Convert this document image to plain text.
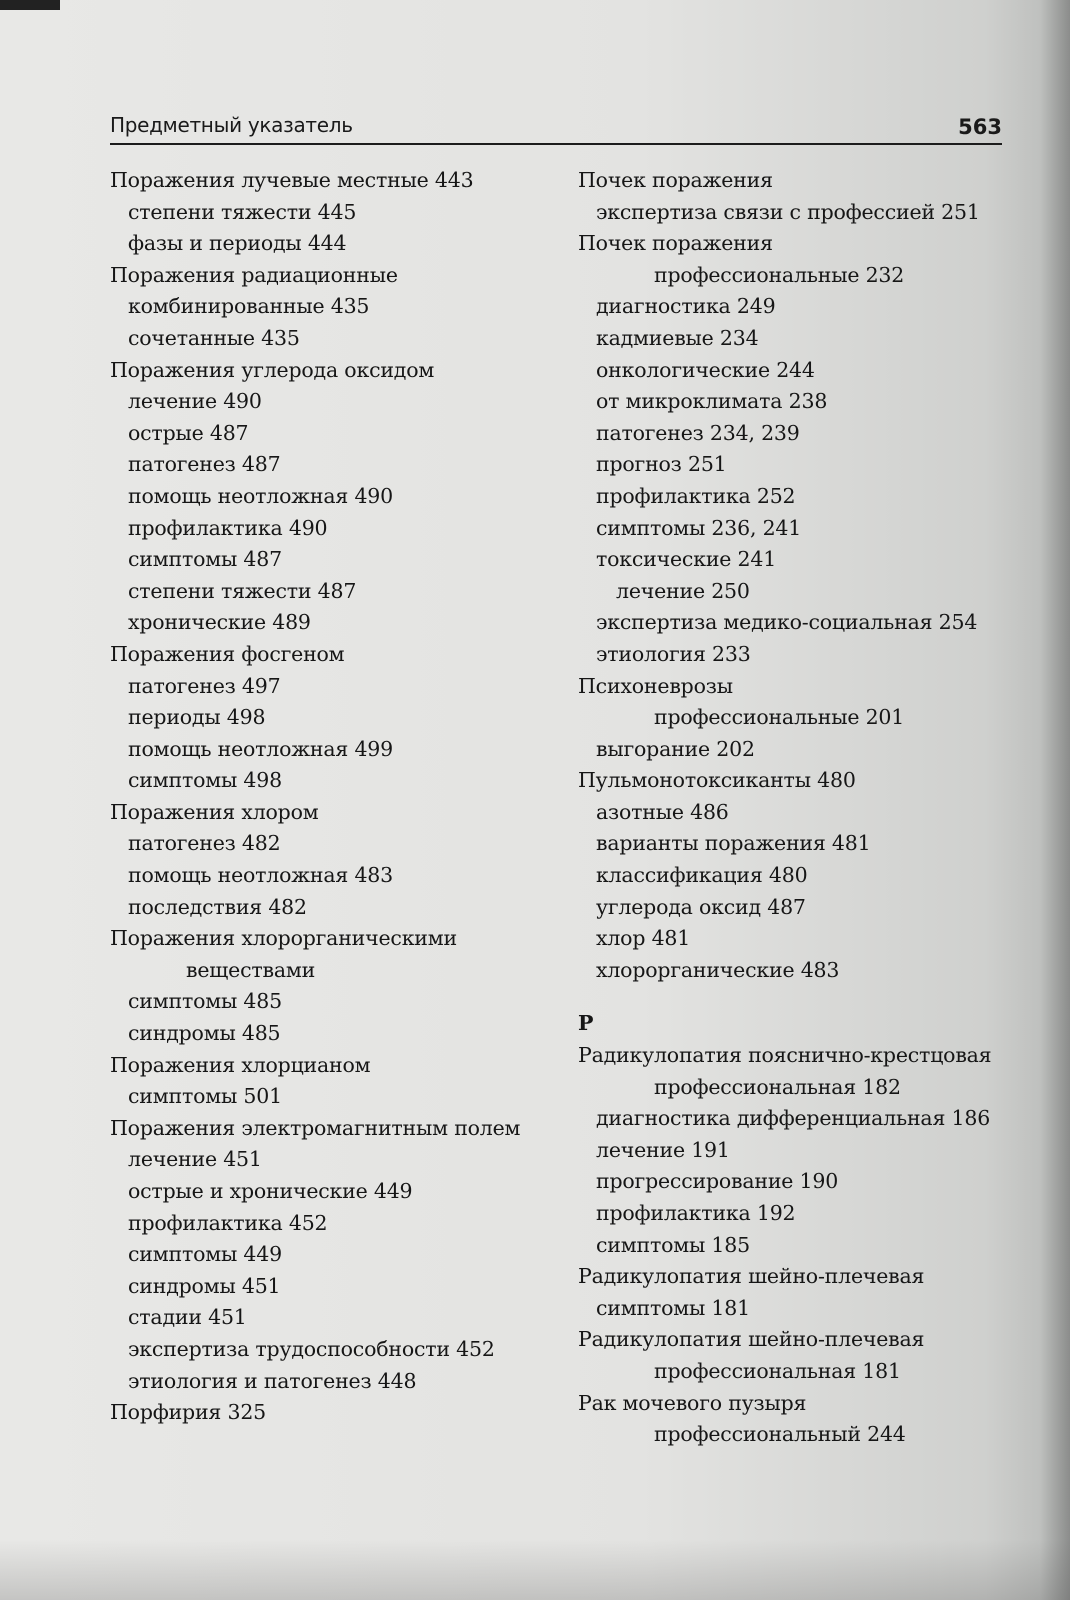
Предметный указатель	563
Поражения лучевые местные 443
степени тяжести 445
фазы и периоды 444
Поражения радиационные
комбинированные 435
сочетанные 435
Поражения углерода оксидом
лечение 490
острые 487
патогенез 487
помощь неотложная 490
профилактика 490
симптомы 487
степени тяжести 487
хронические 489
Поражения фосгеном
патогенез 497
периоды 498
помощь неотложная 499
симптомы 498
Поражения хлором
патогенез 482
помощь неотложная 483
последствия 482
Поражения хлорорганическими
веществами
симптомы 485
синдромы 485
Поражения хлорцианом
симптомы 501
Поражения электромагнитным полем
лечение 451
острые и хронические 449
профилактика 452
симптомы 449
синдромы 451
стадии 451
экспертиза трудоспособности 452
этиология и патогенез 448
Порфирия 325
Почек поражения
экспертиза связи с профессией 251
Почек поражения
профессиональные 232
диагностика 249
кадмиевые 234
онкологические 244
от микроклимата 238
патогенез 234, 239
прогноз 251
профилактика 252
симптомы 236, 241
токсические 241
лечение 250
экспертиза медико-социальная 254
этиология 233
Психоневрозы
профессиональные 201
выгорание 202
Пульмонотоксиканты 480
азотные 486
варианты поражения 481
классификация 480
углерода оксид 487
хлор 481
хлорорганические 483
Р
Радикулопатия пояснично-крестцовая
профессиональная 182
диагностика дифференциальная 186
лечение 191
прогрессирование 190
профилактика 192
симптомы 185
Радикулопатия шейно-плечевая
симптомы 181
Радикулопатия шейно-плечевая
профессиональная 181
Рак мочевого пузыря
профессиональный 244
